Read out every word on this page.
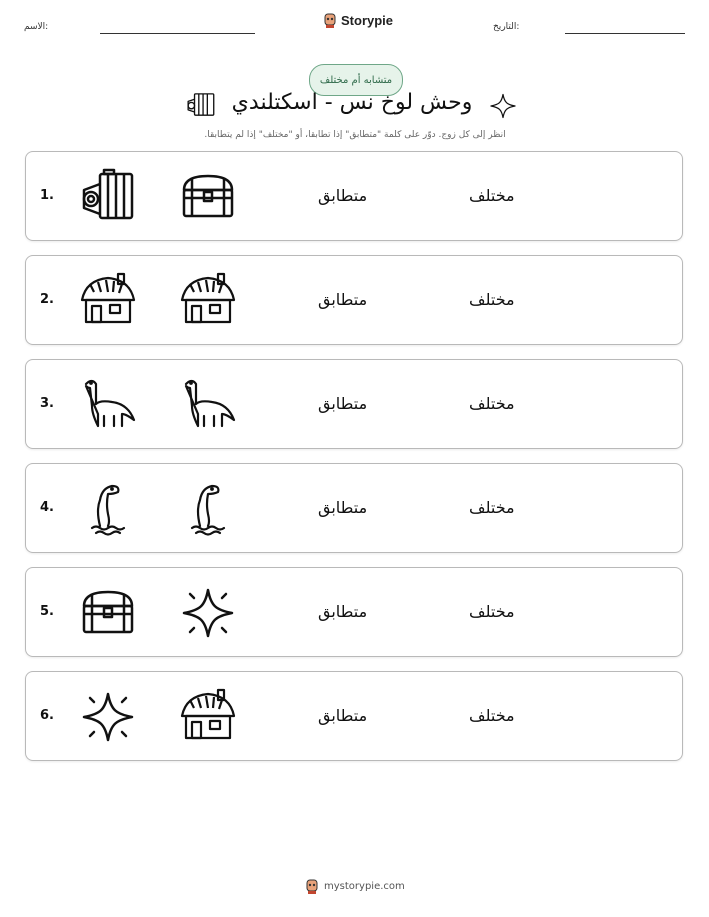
الاسم:	Storypie	التاريخ:
متشابه أم مختلف
وحش لوخ نس - اسكتلندي
انظر إلى كل زوج. دوّر على كلمة "متطابق" إذا تطابقا، أو "مختلف" إذا لم يتطابقا.
1.	متطابق	مختلف
2.	متطابق	مختلف
3.	متطابق	مختلف
4.	متطابق	مختلف
5.	متطابق	مختلف
6.	متطابق	مختلف
mystorypie.com
